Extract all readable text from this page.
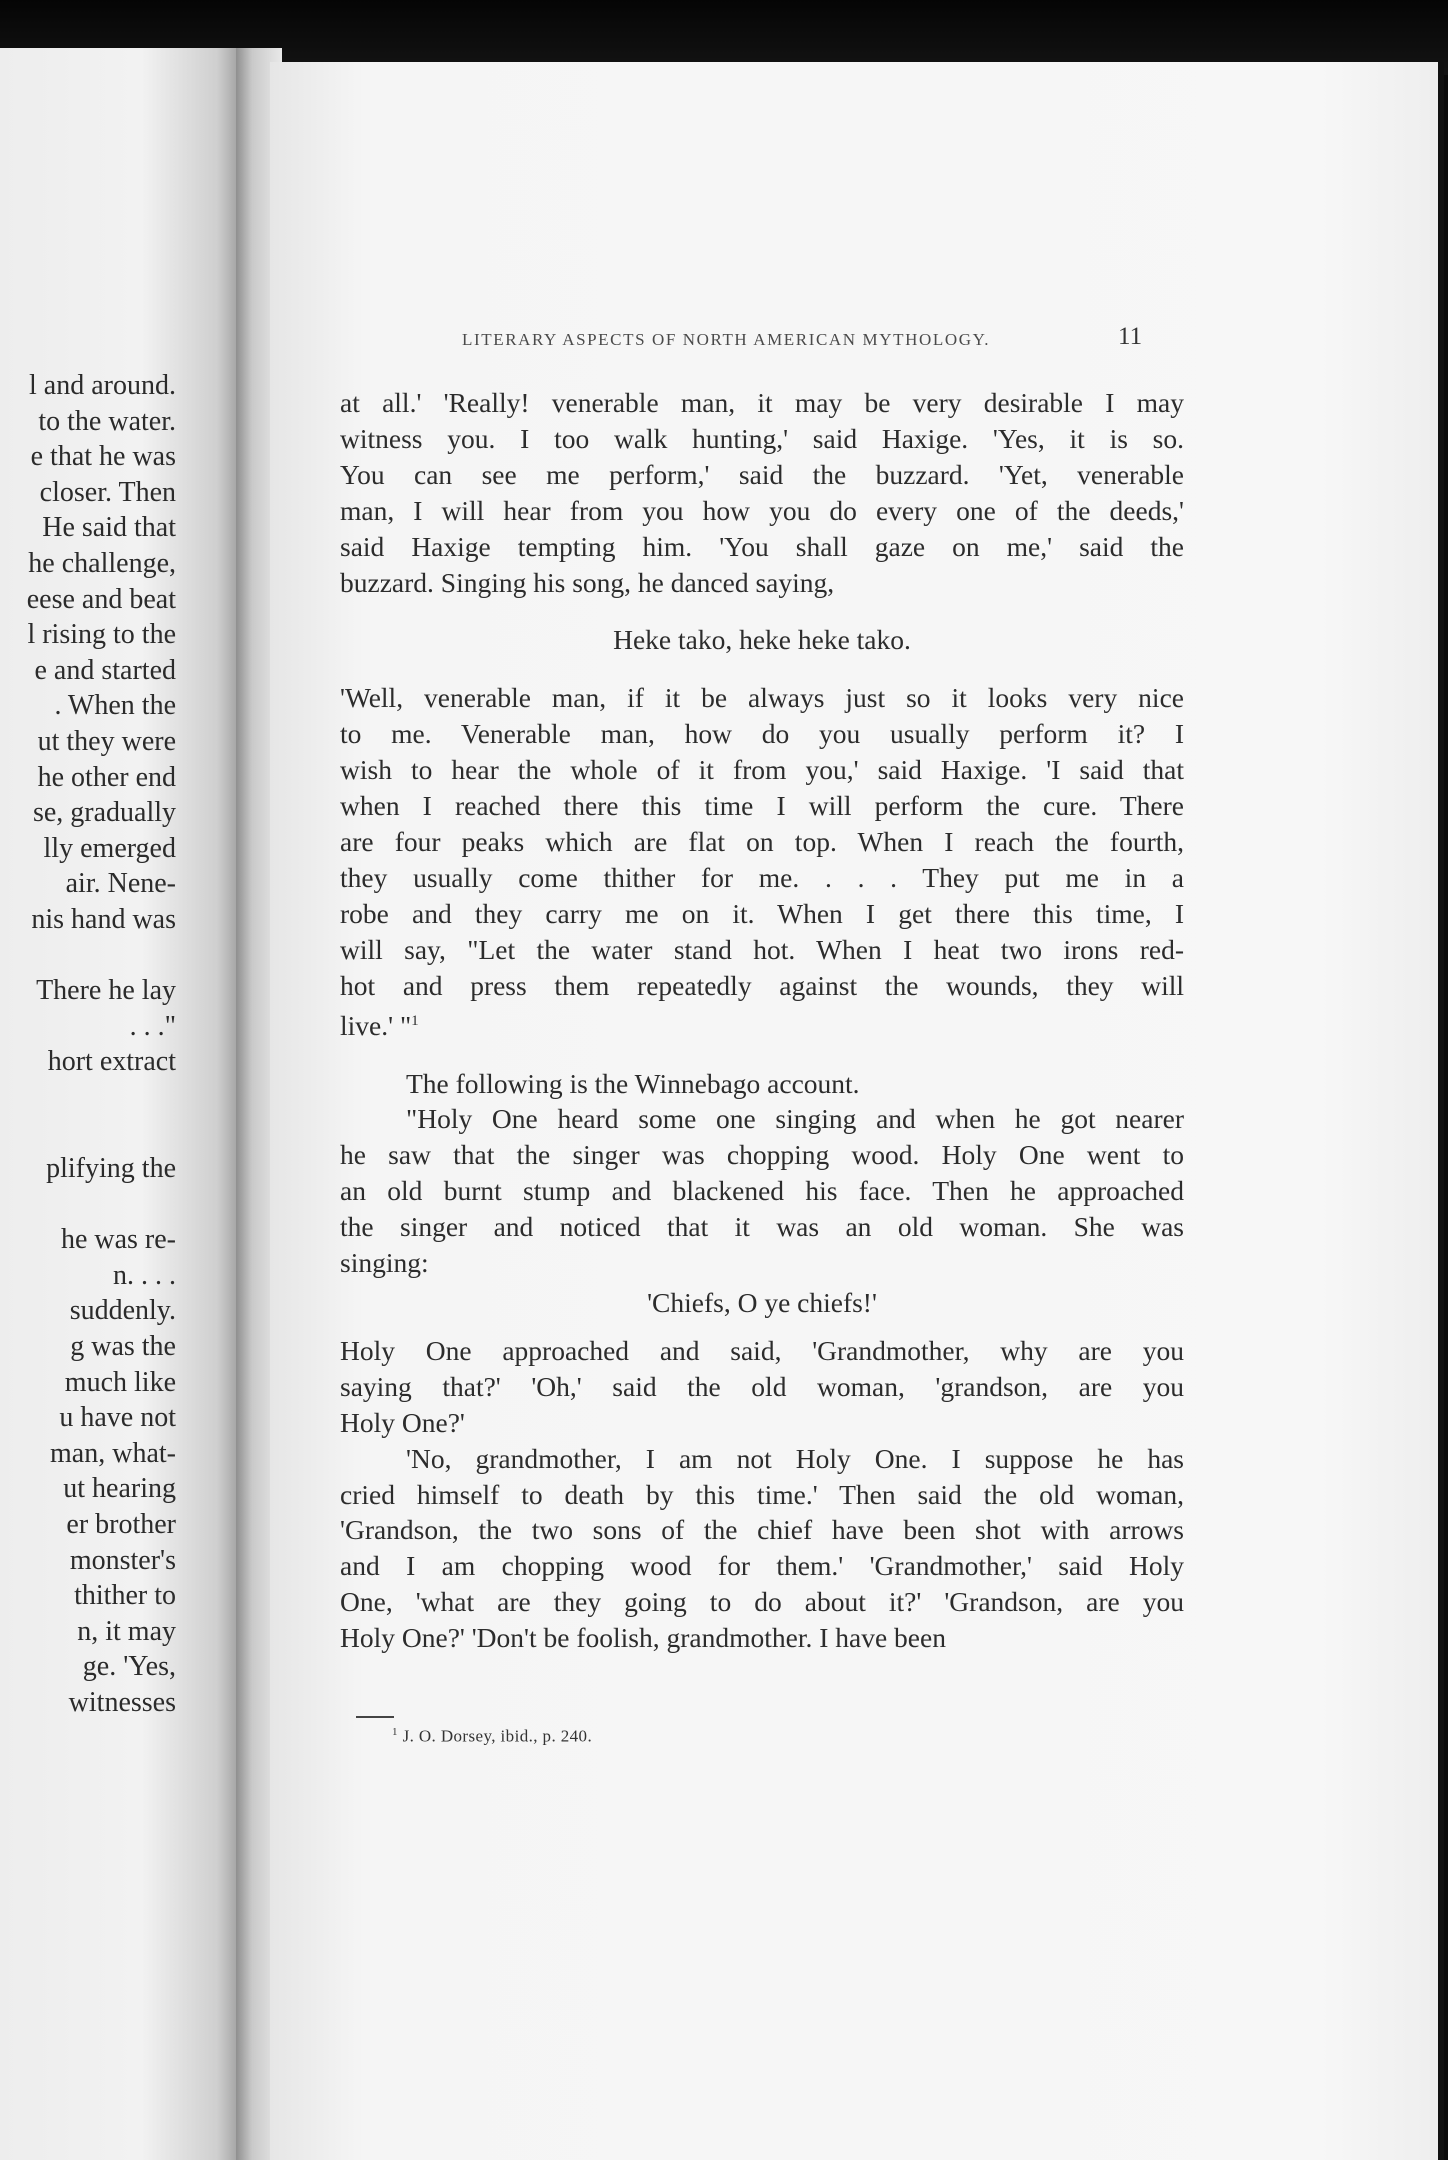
l and around.
to the water.
e that he was
closer. Then
He said that
he challenge,
eese and beat
l rising to the
e and started
. When the
ut they were
he other end
se, gradually
lly emerged
air. Nene-
nis hand was

There he lay
. . ."
hort extract

plifying the

he was re-
n. . . .
suddenly.
g was the
much like
u have not
man, what-
ut hearing
er brother
monster's
thither to
n, it may
ge. 'Yes,
witnesses
LITERARY ASPECTS OF NORTH AMERICAN MYTHOLOGY.	11
at all.' 'Really! venerable man, it may be very desirable I may
witness you. I too walk hunting,' said Haxige. 'Yes, it is so.
You can see me perform,' said the buzzard. 'Yet, venerable
man, I will hear from you how you do every one of the deeds,'
said Haxige tempting him. 'You shall gaze on me,' said the
buzzard. Singing his song, he danced saying,
Heke tako, heke heke tako.
'Well, venerable man, if it be always just so it looks very nice
to me. Venerable man, how do you usually perform it? I
wish to hear the whole of it from you,' said Haxige. 'I said that
when I reached there this time I will perform the cure. There
are four peaks which are flat on top. When I reach the fourth,
they usually come thither for me. . . . They put me in a
robe and they carry me on it. When I get there this time, I
will say, "Let the water stand hot. When I heat two irons red-
hot and press them repeatedly against the wounds, they will
live.' "$^1$
The following is the Winnebago account.
"Holy One heard some one singing and when he got nearer
he saw that the singer was chopping wood. Holy One went to
an old burnt stump and blackened his face. Then he approached
the singer and noticed that it was an old woman. She was
singing:
'Chiefs, O ye chiefs!'
Holy One approached and said, 'Grandmother, why are you
saying that?' 'Oh,' said the old woman, 'grandson, are you
Holy One?'
'No, grandmother, I am not Holy One. I suppose he has
cried himself to death by this time.' Then said the old woman,
'Grandson, the two sons of the chief have been shot with arrows
and I am chopping wood for them.' 'Grandmother,' said Holy
One, 'what are they going to do about it?' 'Grandson, are you
Holy One?' 'Don't be foolish, grandmother. I have been
$^1$ J. O. Dorsey, ibid., p. 240.
